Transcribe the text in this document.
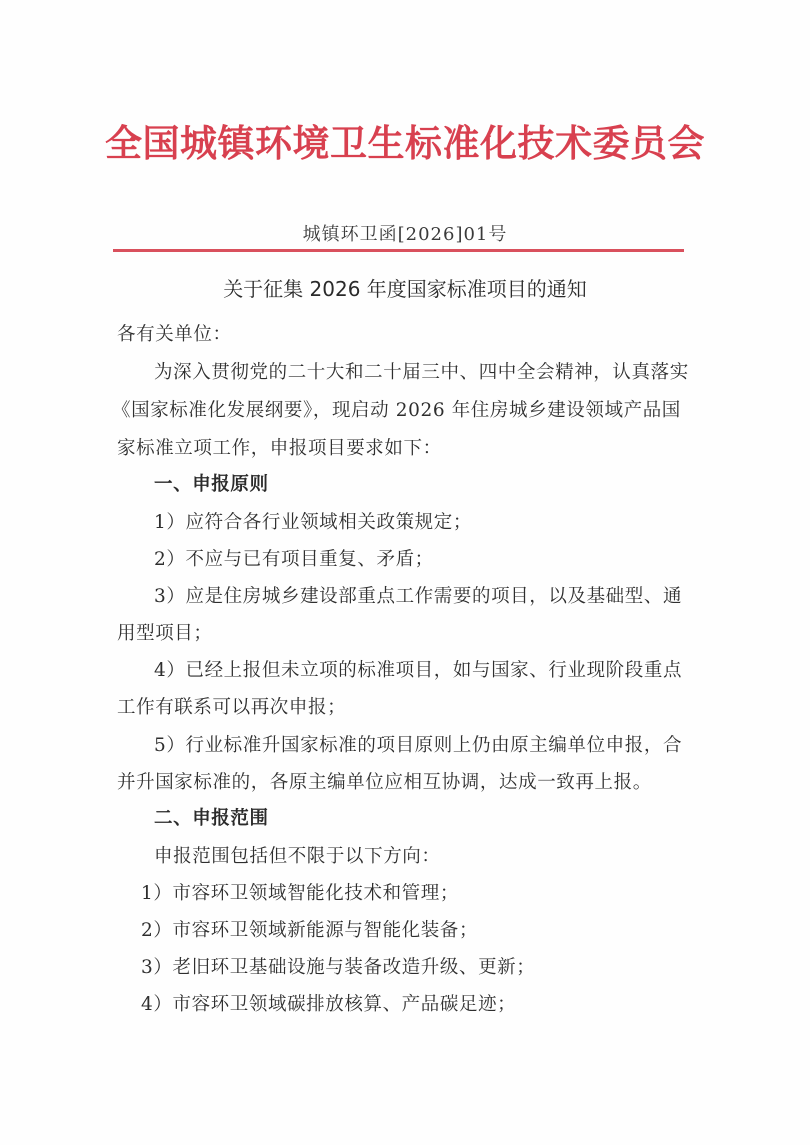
全国城镇环境卫生标准化技术委员会
城镇环卫函[2026]01号
关于征集 2026 年度国家标准项目的通知
各有关单位：
为深入贯彻党的二十大和二十届三中、四中全会精神，认真落实
《国家标准化发展纲要》，现启动 2026 年住房城乡建设领域产品国
家标准立项工作，申报项目要求如下：
一、申报原则
1）应符合各行业领域相关政策规定；
2）不应与已有项目重复、矛盾；
3）应是住房城乡建设部重点工作需要的项目，以及基础型、通
用型项目；
4）已经上报但未立项的标准项目，如与国家、行业现阶段重点
工作有联系可以再次申报；
5）行业标准升国家标准的项目原则上仍由原主编单位申报，合
并升国家标准的，各原主编单位应相互协调，达成一致再上报。
二、申报范围
申报范围包括但不限于以下方向：
1）市容环卫领域智能化技术和管理；
2）市容环卫领域新能源与智能化装备；
3）老旧环卫基础设施与装备改造升级、更新；
4）市容环卫领域碳排放核算、产品碳足迹；
